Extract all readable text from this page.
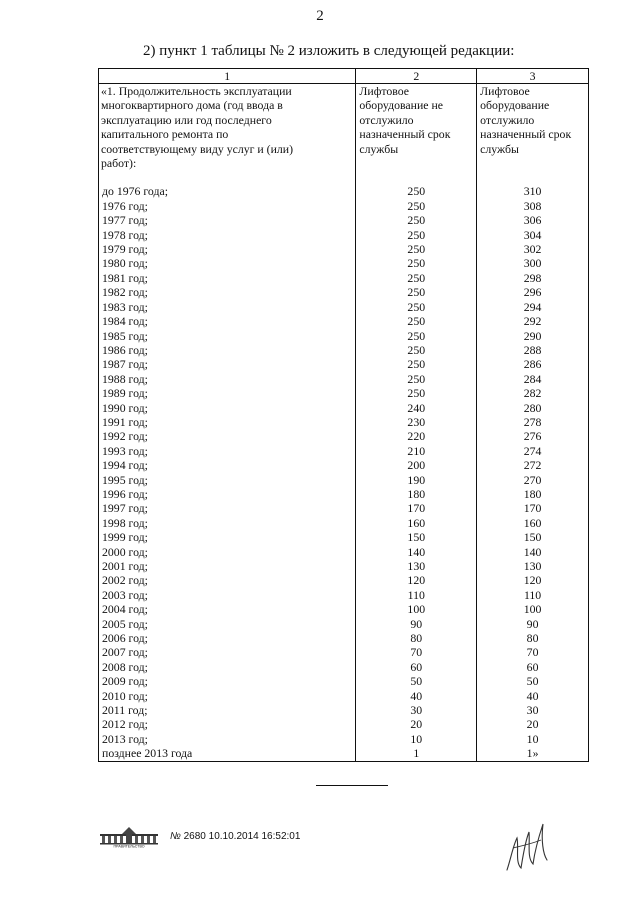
2
2) пункт 1 таблицы № 2 изложить в следующей редакции:
1	2	3
«1. Продолжительность эксплуатации многоквартирного дома (год ввода в эксплуатацию или год последнего капитального ремонта по соответствующему виду услуг и (или) работ):	Лифтовое оборудование не отслужило назначенный срок службы	Лифтовое оборудование отслужило назначенный срок службы
до 1976 года;	250	310
1976 год;	250	308
1977 год;	250	306
1978 год;	250	304
1979 год;	250	302
1980 год;	250	300
1981 год;	250	298
1982 год;	250	296
1983 год;	250	294
1984 год;	250	292
1985 год;	250	290
1986 год;	250	288
1987 год;	250	286
1988 год;	250	284
1989 год;	250	282
1990 год;	240	280
1991 год;	230	278
1992 год;	220	276
1993 год;	210	274
1994 год;	200	272
1995 год;	190	270
1996 год;	180	180
1997 год;	170	170
1998 год;	160	160
1999 год;	150	150
2000 год;	140	140
2001 год;	130	130
2002 год;	120	120
2003 год;	110	110
2004 год;	100	100
2005 год;	90	90
2006 год;	80	80
2007 год;	70	70
2008 год;	60	60
2009 год;	50	50
2010 год;	40	40
2011 год;	30	30
2012 год;	20	20
2013 год;	10	10
позднее 2013 года	1	1»
ПРАВИТЕЛЬСТВО
№ 2680 10.10.2014 16:52:01
